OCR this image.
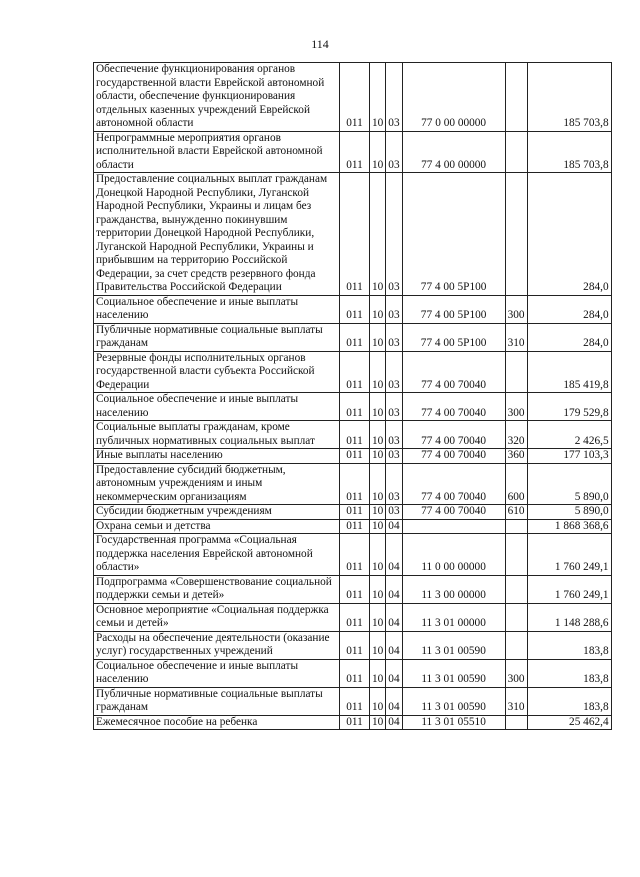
114
Обеспечение функционирования органов государственной власти Еврейской автономной области, обеспечение функционирования отдельных казенных учреждений Еврейской автономной области	011	10	03	77 0 00 00000		185 703,8
Непрограммные мероприятия органов исполнительной власти Еврейской автономной области	011	10	03	77 4 00 00000		185 703,8
Предоставление социальных выплат гражданам Донецкой Народной Республики, Луганской Народной Республики, Украины и лицам без гражданства, вынужденно покинувшим территории Донецкой Народной Республики, Луганской Народной Республики, Украины и прибывшим на территорию Российской Федерации, за счет средств резервного фонда Правительства Российской Федерации	011	10	03	77 4 00 5Р100		284,0
Социальное обеспечение и иные выплаты населению	011	10	03	77 4 00 5Р100	300	284,0
Публичные нормативные социальные выплаты гражданам	011	10	03	77 4 00 5Р100	310	284,0
Резервные фонды исполнительных органов государственной власти субъекта Российской Федерации	011	10	03	77 4 00 70040		185 419,8
Социальное обеспечение и иные выплаты населению	011	10	03	77 4 00 70040	300	179 529,8
Социальные выплаты гражданам, кроме публичных нормативных социальных выплат	011	10	03	77 4 00 70040	320	2 426,5
Иные выплаты населению	011	10	03	77 4 00 70040	360	177 103,3
Предоставление субсидий бюджетным, автономным учреждениям и иным некоммерческим организациям	011	10	03	77 4 00 70040	600	5 890,0
Субсидии бюджетным учреждениям	011	10	03	77 4 00 70040	610	5 890,0
Охрана семьи и детства	011	10	04			1 868 368,6
Государственная программа «Социальная поддержка населения Еврейской автономной области»	011	10	04	11 0 00 00000		1 760 249,1
Подпрограмма «Совершенствование социальной поддержки семьи и детей»	011	10	04	11 3 00 00000		1 760 249,1
Основное мероприятие «Социальная поддержка семьи и детей»	011	10	04	11 3 01 00000		1 148 288,6
Расходы на обеспечение деятельности (оказание услуг) государственных учреждений	011	10	04	11 3 01 00590		183,8
Социальное обеспечение и иные выплаты населению	011	10	04	11 3 01 00590	300	183,8
Публичные нормативные социальные выплаты гражданам	011	10	04	11 3 01 00590	310	183,8
Ежемесячное пособие на ребенка	011	10	04	11 3 01 05510		25 462,4
